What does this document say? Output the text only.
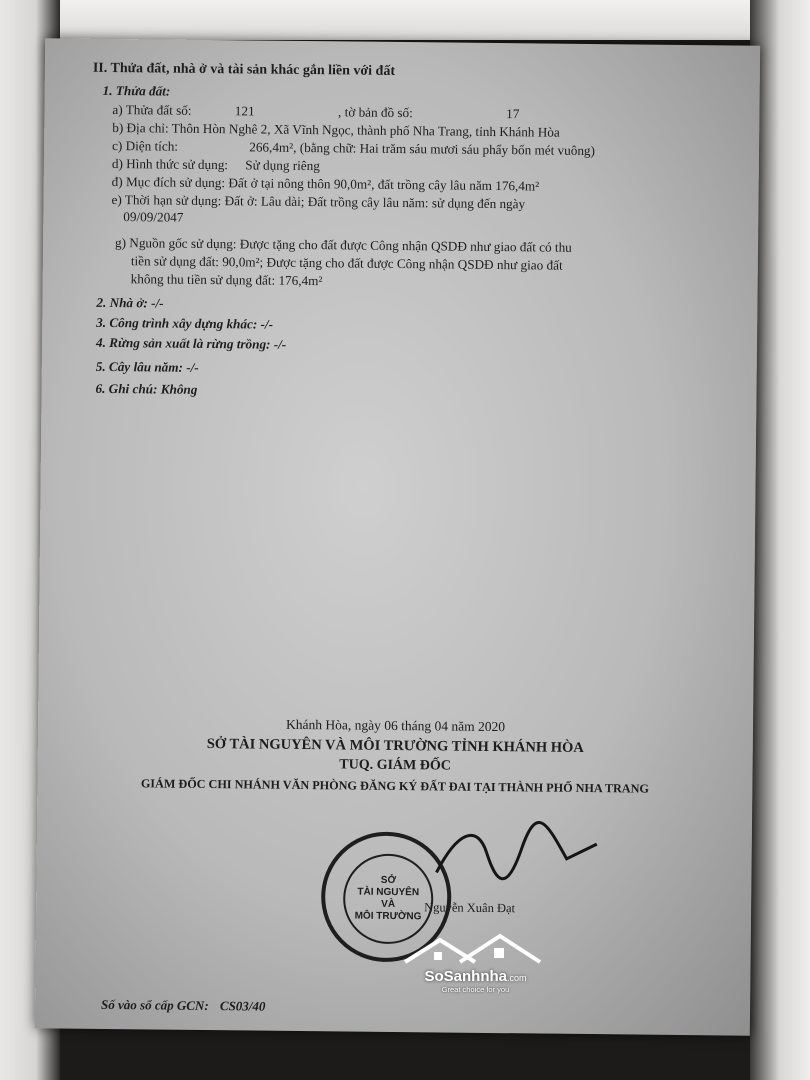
II. Thửa đất, nhà ở và tài sản khác gắn liền với đất
1. Thửa đất:
a) Thửa đất số:	121	, tờ bản đồ số:	17
b) Địa chỉ: Thôn Hòn Nghê 2, Xã Vĩnh Ngọc, thành phố Nha Trang, tỉnh Khánh Hòa
c) Diện tích:	266,4m², (bằng chữ: Hai trăm sáu mươi sáu phẩy bốn mét vuông)
d) Hình thức sử dụng: Sử dụng riêng
đ) Mục đích sử dụng: Đất ở tại nông thôn 90,0m², đất trồng cây lâu năm 176,4m²
e) Thời hạn sử dụng: Đất ở: Lâu dài; Đất trồng cây lâu năm: sử dụng đến ngày
09/09/2047
g) Nguồn gốc sử dụng: Được tặng cho đất được Công nhận QSDĐ như giao đất có thu
tiền sử dụng đất: 90,0m²; Được tặng cho đất được Công nhận QSDĐ như giao đất
không thu tiền sử dụng đất: 176,4m²
2. Nhà ở: -/-
3. Công trình xây dựng khác: -/-
4. Rừng sản xuất là rừng trồng: -/-
5. Cây lâu năm: -/-
6. Ghi chú: Không
Khánh Hòa, ngày 06 tháng 04 năm 2020
SỞ TÀI NGUYÊN VÀ MÔI TRƯỜNG TỈNH KHÁNH HÒA
TUQ. GIÁM ĐỐC
GIÁM ĐỐC CHI NHÁNH VĂN PHÒNG ĐĂNG KÝ ĐẤT ĐAI TẠI THÀNH PHỐ NHA TRANG
SỞ
TÀI NGUYÊN
VÀ
MÔI TRƯỜNG
Nguyễn Xuân Đạt
Số vào sổ cấp GCN: CS03/40
SoSanhnha.com
Great choice for you
